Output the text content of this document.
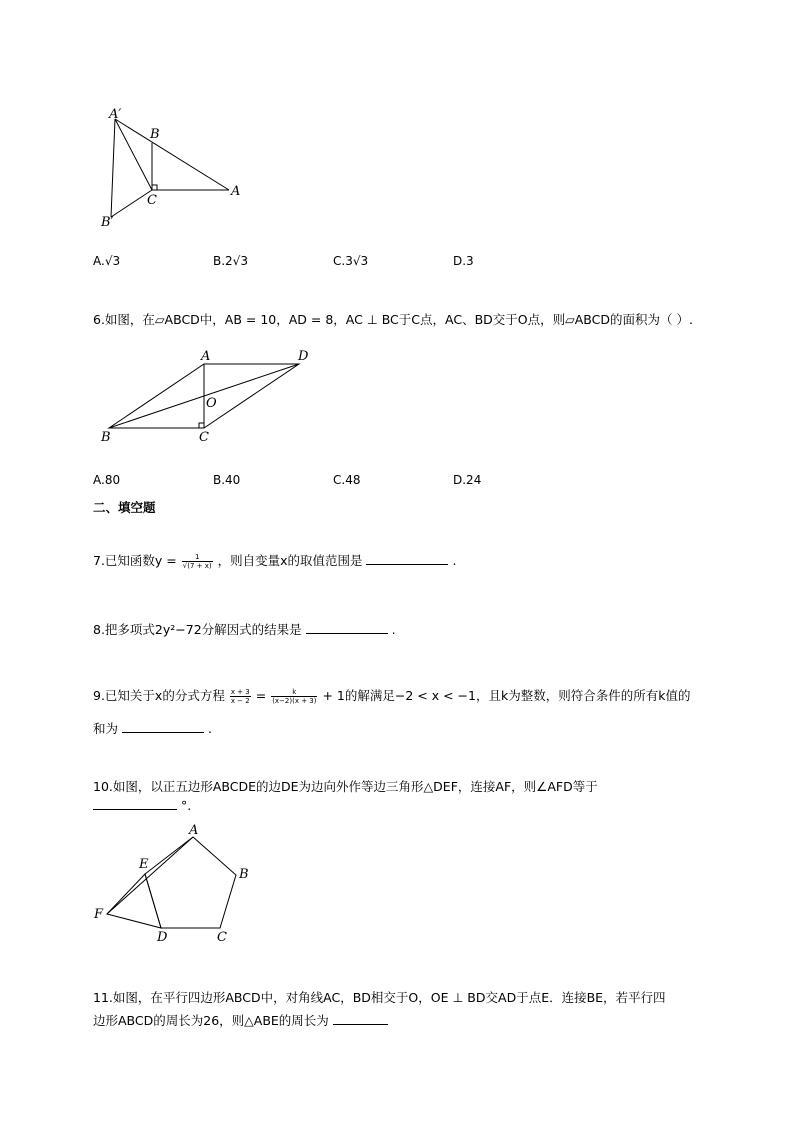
A′
B
C
A
B′
A.√3	B.2√3	C.3√3	D.3
6.如图，在▱ABCD中，AB = 10，AD = 8，AC ⊥ BC于C点，AC、BD交于O点，则▱ABCD的面积为（ ）.
A	D
O
B	C
A.80	B.40	C.48	D.24
二、填空题
7.已知函数$y = \frac{1}{√(7 + x)}$ ，则自变量x的取值范围是	.
8.把多项式2y²−72分解因式的结果是	.
9.已知关于x的分式方程 $\frac{x + 3}{x - 2} = \frac{k}{(x-2)(x + 3)} + 1$的解满足−2 < x < −1，且k为整数，则符合条件的所有k值的
和为	.
10.如图，以正五边形ABCDE的边DE为边向外作等边三角形△DEF，连接AF，则∠AFD等于
°.
A
B
C
D
E
F
11.如图，在平行四边形ABCD中，对角线AC，BD相交于O，OE ⊥ BD交AD于点E．连接BE，若平行四
边形ABCD的周长为26，则△ABE的周长为
